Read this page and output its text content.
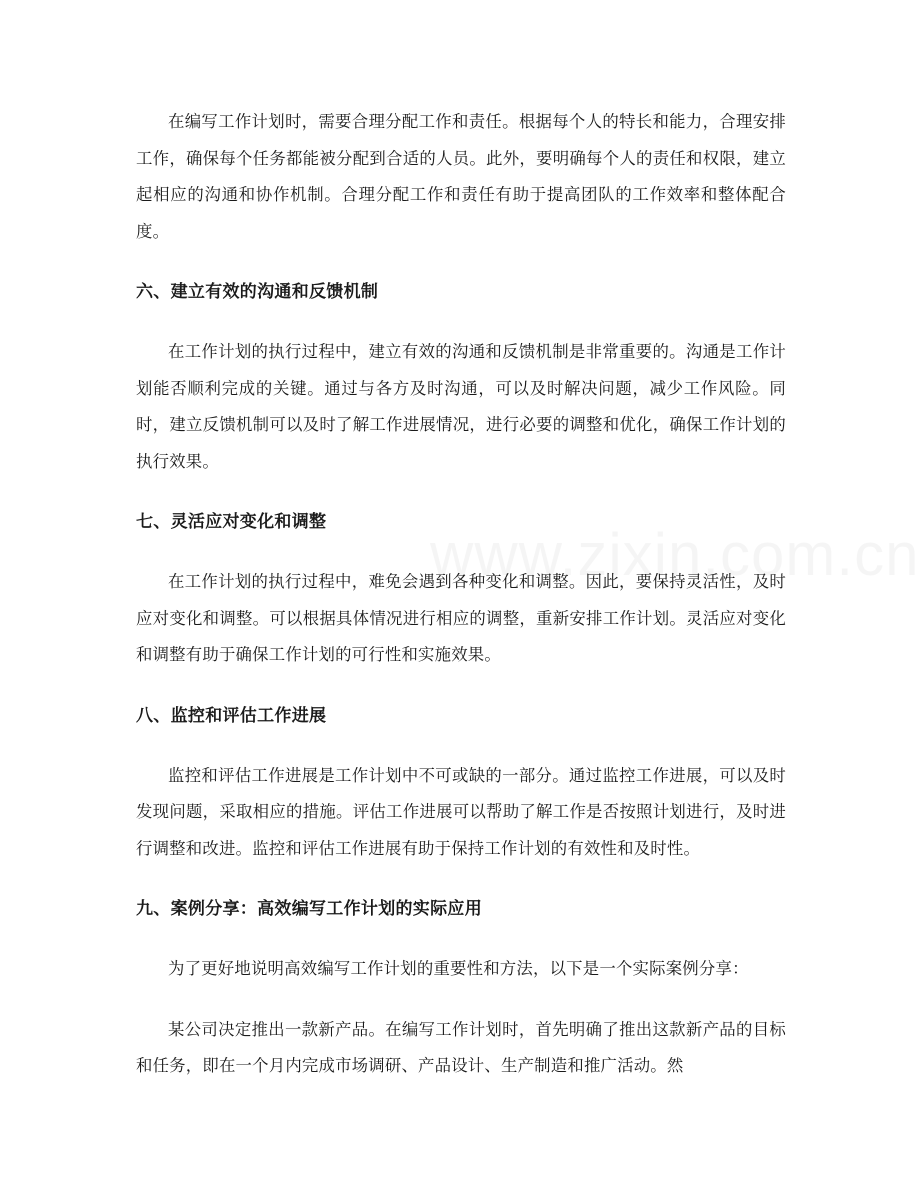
在编写工作计划时，需要合理分配工作和责任。根据每个人的特长和能力，合理安排工作，确保每个任务都能被分配到合适的人员。此外，要明确每个人的责任和权限，建立起相应的沟通和协作机制。合理分配工作和责任有助于提高团队的工作效率和整体配合度。

六、建立有效的沟通和反馈机制

在工作计划的执行过程中，建立有效的沟通和反馈机制是非常重要的。沟通是工作计划能否顺利完成的关键。通过与各方及时沟通，可以及时解决问题，减少工作风险。同时，建立反馈机制可以及时了解工作进展情况，进行必要的调整和优化，确保工作计划的执行效果。

七、灵活应对变化和调整

在工作计划的执行过程中，难免会遇到各种变化和调整。因此，要保持灵活性，及时应对变化和调整。可以根据具体情况进行相应的调整，重新安排工作计划。灵活应对变化和调整有助于确保工作计划的可行性和实施效果。

八、监控和评估工作进展

监控和评估工作进展是工作计划中不可或缺的一部分。通过监控工作进展，可以及时发现问题，采取相应的措施。评估工作进展可以帮助了解工作是否按照计划进行，及时进行调整和改进。监控和评估工作进展有助于保持工作计划的有效性和及时性。

九、案例分享：高效编写工作计划的实际应用

为了更好地说明高效编写工作计划的重要性和方法，以下是一个实际案例分享：

某公司决定推出一款新产品。在编写工作计划时，首先明确了推出这款新产品的目标和任务，即在一个月内完成市场调研、产品设计、生产制造和推广活动。然
